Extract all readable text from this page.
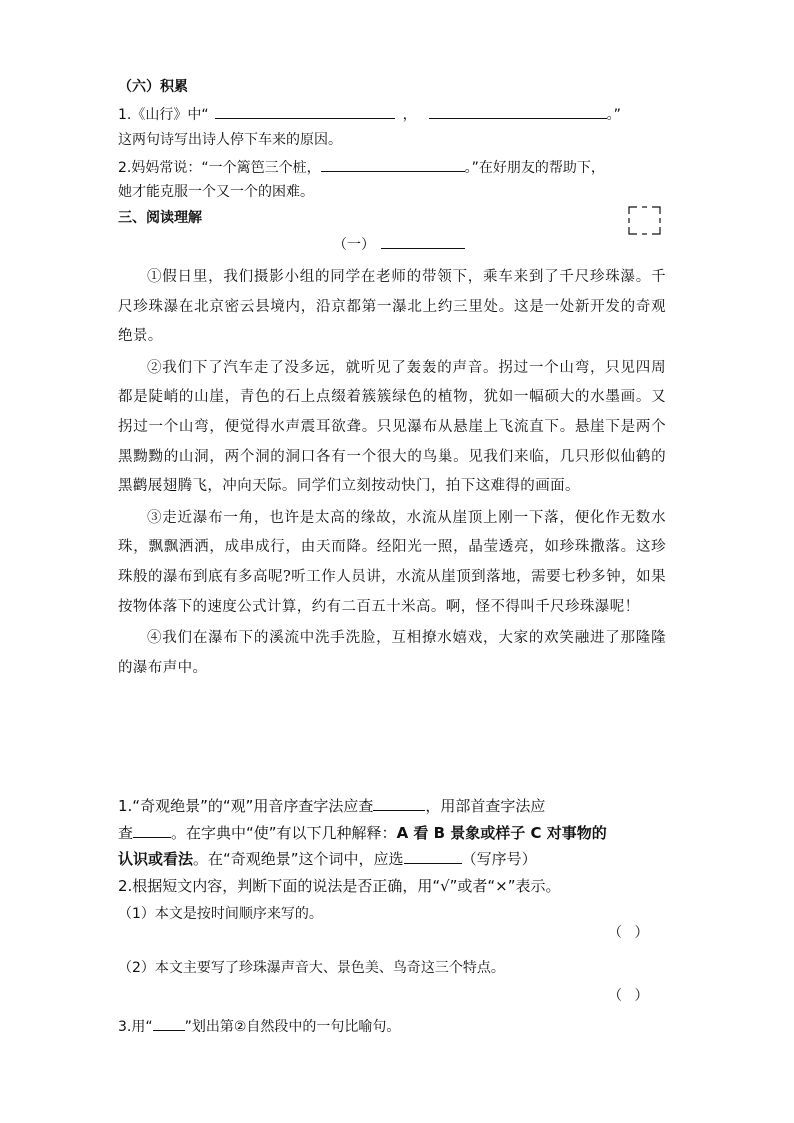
（六）积累
1.《山行》中“	，	。”
这两句诗写出诗人停下车来的原因。
2.妈妈常说：“一个篱笆三个桩，	。”在好朋友的帮助下，
她才能克服一个又一个的困难。
三、阅读理解
（一）

①假日里，我们摄影小组的同学在老师的带领下，乘车来到了千尺珍珠瀑。千尺珍珠瀑在北京密云县境内，沿京都第一瀑北上约三里处。这是一处新开发的奇观绝景。

②我们下了汽车走了没多远，就听见了轰轰的声音。拐过一个山弯，只见四周都是陡峭的山崖，青色的石上点缀着簇簇绿色的植物，犹如一幅硕大的水墨画。又拐过一个山弯，便觉得水声震耳欲聋。只见瀑布从悬崖上飞流直下。悬崖下是两个黑黝黝的山洞，两个洞的洞口各有一个很大的鸟巢。见我们来临，几只形似仙鹤的黑鹳展翅腾飞，冲向天际。同学们立刻按动快门，拍下这难得的画面。

③走近瀑布一角，也许是太高的缘故，水流从崖顶上刚一下落，便化作无数水珠，飘飘洒洒，成串成行，由天而降。经阳光一照，晶莹透亮，如珍珠撒落。这珍珠般的瀑布到底有多高呢?听工作人员讲，水流从崖顶到落地，需要七秒多钟，如果按物体落下的速度公式计算，约有二百五十米高。啊，怪不得叫千尺珍珠瀑呢！

④我们在瀑布下的溪流中洗手洗脸，互相撩水嬉戏，大家的欢笑融进了那隆隆的瀑布声中。

1.“奇观绝景”的“观”用音序查字法应查	，用部首查字法应
查	。在字典中“使”有以下几种解释：A 看 B 景象或样子 C 对事物的
认识或看法。在“奇观绝景”这个词中，应选	（写序号）
2.根据短文内容，判断下面的说法是否正确，用“√”或者“×”表示。
（1）本文是按时间顺序来写的。
（ ）
（2）本文主要写了珍珠瀑声音大、景色美、鸟奇这三个特点。
（ ）
3.用“ ”划出第②自然段中的一句比喻句。
